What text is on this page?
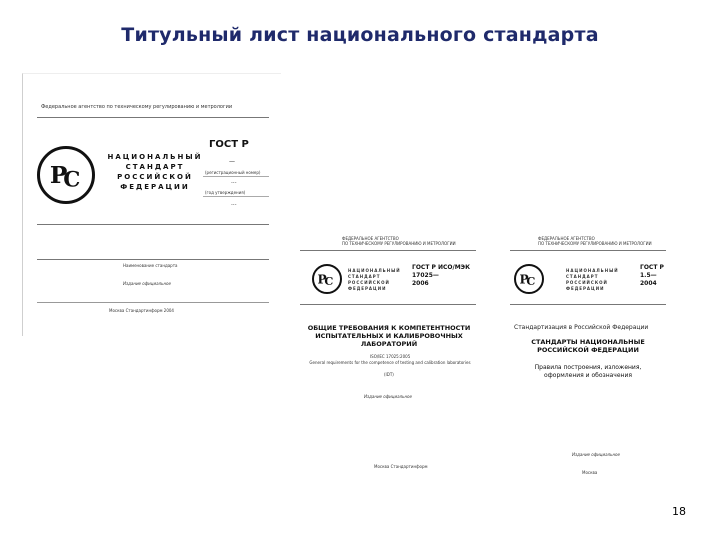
Титульный лист национального стандарта
Федеральное агентство по техническому регулированию и метрологии
Р
С
НАЦИОНАЛЬНЫЙ
СТАНДАРТ
РОССИЙСКОЙ
ФЕДЕРАЦИИ
ГОСТ Р
—
(регистрационный номер)
...
(год утверждения)
...
Наименование стандарта
Издание официальное
Москва Стандартинформ 2004
ФЕДЕРАЛЬНОЕ АГЕНТСТВО
ПО ТЕХНИЧЕСКОМУ РЕГУЛИРОВАНИЮ И МЕТРОЛОГИИ
Р
С
НАЦИОНАЛЬНЫЙ СТАНДАРТ РОССИЙСКОЙ ФЕДЕРАЦИИ
ГОСТ Р ИСО/МЭК
17025—
2006
ОБЩИЕ ТРЕБОВАНИЯ К КОМПЕТЕНТНОСТИ
ИСПЫТАТЕЛЬНЫХ И КАЛИБРОВОЧНЫХ
ЛАБОРАТОРИЙ
ISO/IEC 17025:2005
General requirements for the competence of testing and calibration laboratories
(IDT)
Издание официальное
Москва Стандартинформ
ФЕДЕРАЛЬНОЕ АГЕНТСТВО
ПО ТЕХНИЧЕСКОМУ РЕГУЛИРОВАНИЮ И МЕТРОЛОГИИ
Р
С
НАЦИОНАЛЬНЫЙ СТАНДАРТ РОССИЙСКОЙ ФЕДЕРАЦИИ
ГОСТ Р
1.5—
2004
Стандартизация в Российской Федерации
СТАНДАРТЫ НАЦИОНАЛЬНЫЕ
РОССИЙСКОЙ ФЕДЕРАЦИИ
Правила построения, изложения,
оформления и обозначения
Издание официальное
Москва
18
